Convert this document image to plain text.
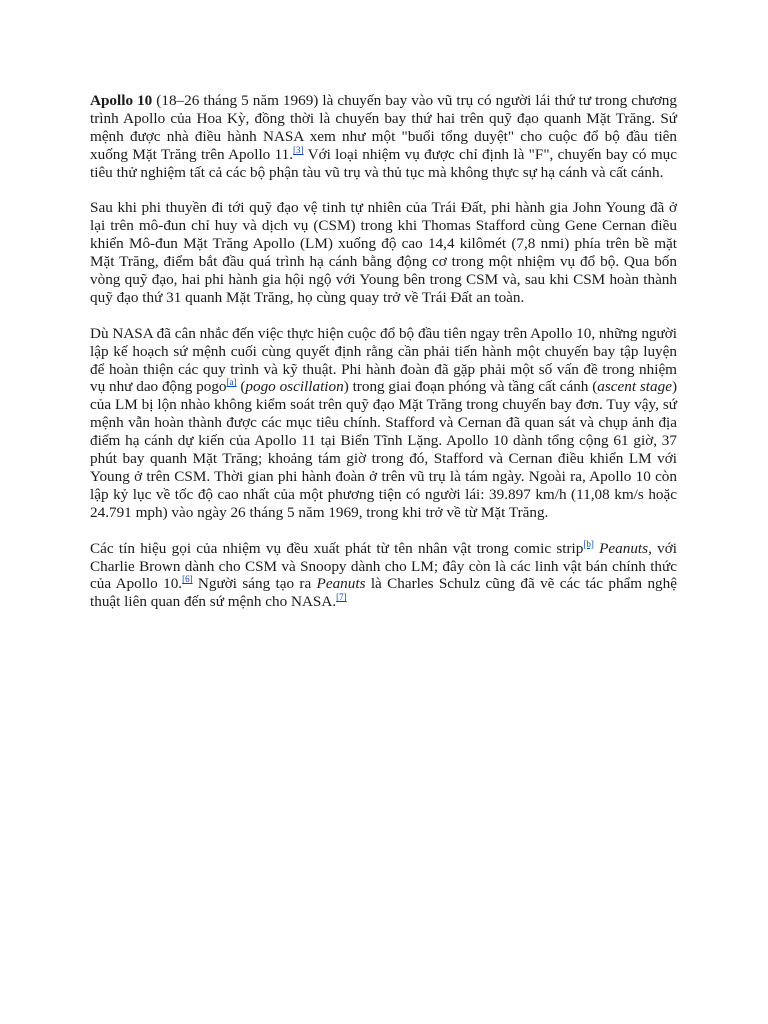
Apollo 10 (18–26 tháng 5 năm 1969) là chuyến bay vào vũ trụ có người lái thứ tư trong chương trình Apollo của Hoa Kỳ, đồng thời là chuyến bay thứ hai trên quỹ đạo quanh Mặt Trăng. Sứ mệnh được nhà điều hành NASA xem như một "buổi tổng duyệt" cho cuộc đổ bộ đầu tiên xuống Mặt Trăng trên Apollo 11.[3] Với loại nhiệm vụ được chỉ định là "F", chuyến bay có mục tiêu thử nghiệm tất cả các bộ phận tàu vũ trụ và thủ tục mà không thực sự hạ cánh và cất cánh.

Sau khi phi thuyền đi tới quỹ đạo vệ tinh tự nhiên của Trái Đất, phi hành gia John Young đã ở lại trên mô-đun chỉ huy và dịch vụ (CSM) trong khi Thomas Stafford cùng Gene Cernan điều khiển Mô-đun Mặt Trăng Apollo (LM) xuống độ cao 14,4 kilômét (7,8 nmi) phía trên bề mặt Mặt Trăng, điểm bắt đầu quá trình hạ cánh bằng động cơ trong một nhiệm vụ đổ bộ. Qua bốn vòng quỹ đạo, hai phi hành gia hội ngộ với Young bên trong CSM và, sau khi CSM hoàn thành quỹ đạo thứ 31 quanh Mặt Trăng, họ cùng quay trở về Trái Đất an toàn.

Dù NASA đã cân nhắc đến việc thực hiện cuộc đổ bộ đầu tiên ngay trên Apollo 10, những người lập kế hoạch sứ mệnh cuối cùng quyết định rằng cần phải tiến hành một chuyến bay tập luyện để hoàn thiện các quy trình và kỹ thuật. Phi hành đoàn đã gặp phải một số vấn đề trong nhiệm vụ như dao động pogo[a] (pogo oscillation) trong giai đoạn phóng và tầng cất cánh (ascent stage) của LM bị lộn nhào không kiểm soát trên quỹ đạo Mặt Trăng trong chuyến bay đơn. Tuy vậy, sứ mệnh vẫn hoàn thành được các mục tiêu chính. Stafford và Cernan đã quan sát và chụp ảnh địa điểm hạ cánh dự kiến của Apollo 11 tại Biển Tĩnh Lặng. Apollo 10 dành tổng cộng 61 giờ, 37 phút bay quanh Mặt Trăng; khoảng tám giờ trong đó, Stafford và Cernan điều khiển LM với Young ở trên CSM. Thời gian phi hành đoàn ở trên vũ trụ là tám ngày. Ngoài ra, Apollo 10 còn lập kỷ lục về tốc độ cao nhất của một phương tiện có người lái: 39.897 km/h (11,08 km/s hoặc 24.791 mph) vào ngày 26 tháng 5 năm 1969, trong khi trở về từ Mặt Trăng.

Các tín hiệu gọi của nhiệm vụ đều xuất phát từ tên nhân vật trong comic strip[b] Peanuts, với Charlie Brown dành cho CSM và Snoopy dành cho LM; đây còn là các linh vật bán chính thức của Apollo 10.[6] Người sáng tạo ra Peanuts là Charles Schulz cũng đã vẽ các tác phẩm nghệ thuật liên quan đến sứ mệnh cho NASA.[7]
